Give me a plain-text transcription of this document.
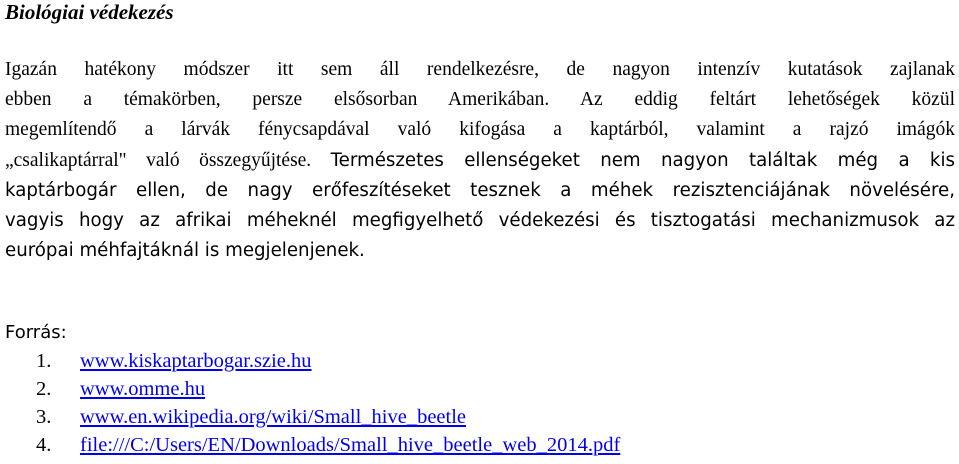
Biológiai védekezés
Igazán hatékony módszer itt sem áll rendelkezésre, de nagyon intenzív kutatások zajlanak
ebben a témakörben, persze elsősorban Amerikában. Az eddig feltárt lehetőségek közül
megemlítendő a lárvák fénycsapdával való kifogása a kaptárból, valamint a rajzó imágók
„csalikaptárral" való összegyűjtése. Természetes ellenségeket nem nagyon találtak még a kis
kaptárbogár ellen, de nagy erőfeszítéseket tesznek a méhek rezisztenciájának növelésére,
vagyis hogy az afrikai méheknél megfigyelhető védekezési és tisztogatási mechanizmusok az
európai méhfajtáknál is megjelenjenek.
Forrás:
1.	www.kiskaptarbogar.szie.hu
2.	www.omme.hu
3.	www.en.wikipedia.org/wiki/Small_hive_beetle
4.	file:///C:/Users/EN/Downloads/Small_hive_beetle_web_2014.pdf
